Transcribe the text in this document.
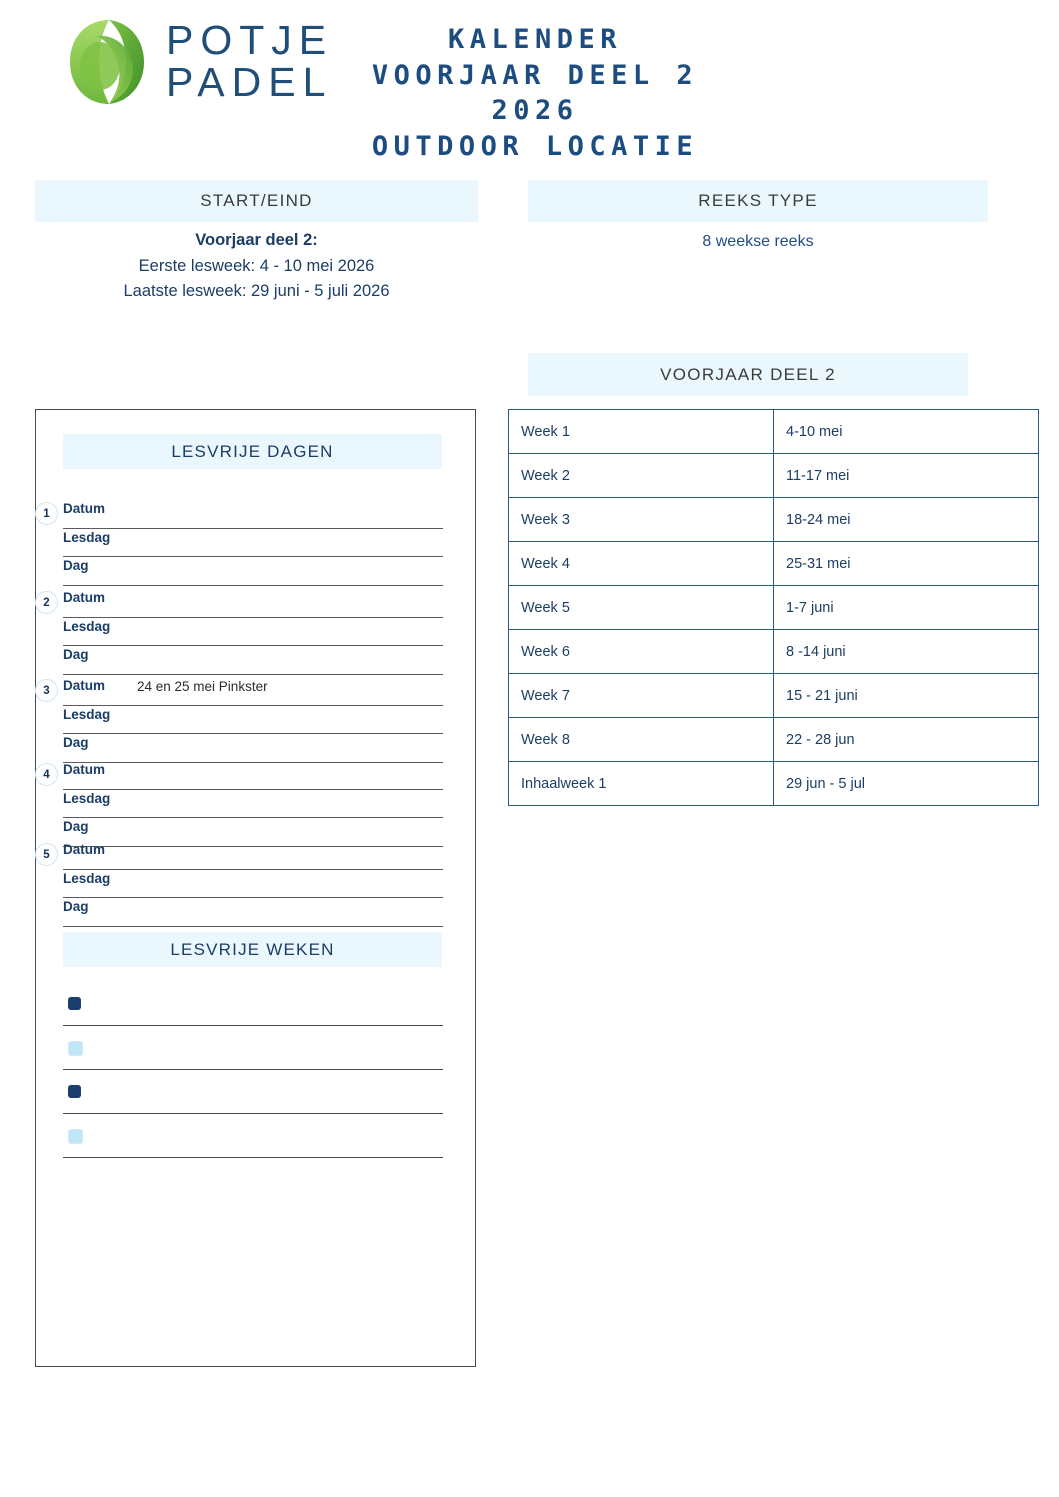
POTJE
PADEL
KALENDER
VOORJAAR DEEL 2
2026
OUTDOOR LOCATIE
START/EIND
Voorjaar deel 2:
Eerste lesweek: 4 - 10 mei 2026
Laatste lesweek: 29 juni - 5 juli 2026
REEKS TYPE
8 weekse reeks
VOORJAAR DEEL 2
Week 1	4-10 mei
Week 2	11-17 mei
Week 3	18-24 mei
Week 4	25-31 mei
Week 5	1-7 juni
Week 6	8 -14 juni
Week 7	15 - 21 juni
Week 8	22 - 28 jun
Inhaalweek 1	29 jun - 5 jul
LESVRIJE DAGEN
1 Datum
Lesdag
Dag
2 Datum
Lesdag
Dag
3 Datum	24 en 25 mei Pinkster
Lesdag
Dag
4 Datum
Lesdag
Dag
5 Datum
Lesdag
Dag
LESVRIJE WEKEN
